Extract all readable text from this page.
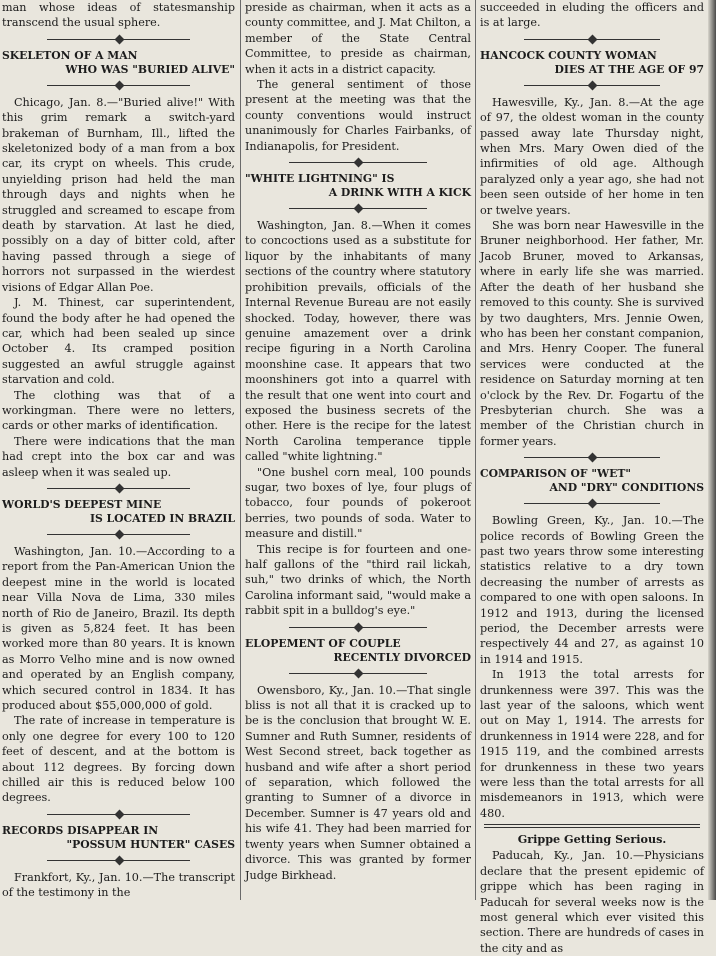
man whose ideas of statesmanship transcend the usual sphere.

SKELETON OF A MAN
WHO WAS "BURIED ALIVE"

Chicago, Jan. 8.—"Buried alive!" With this grim remark a switch-yard brakeman of Burnham, Ill., lifted the skeletonized body of a man from a box car, its crypt on wheels. This crude, unyielding prison had held the man through days and nights when he struggled and screamed to escape from death by starvation. At last he died, possibly on a day of bitter cold, after having passed through a siege of horrors not surpassed in the wierdest visions of Edgar Allan Poe.

J. M. Thinest, car superintendent, found the body after he had opened the car, which had been sealed up since October 4. Its cramped position suggested an awful struggle against starvation and cold.

The clothing was that of a workingman. There were no letters, cards or other marks of identification.

There were indications that the man had crept into the box car and was asleep when it was sealed up.

WORLD'S DEEPEST MINE
IS LOCATED IN BRAZIL

Washington, Jan. 10.—According to a report from the Pan-American Union the deepest mine in the world is located near Villa Nova de Lima, 330 miles north of Rio de Janeiro, Brazil. Its depth is given as 5,824 feet. It has been worked more than 80 years. It is known as Morro Velho mine and is now owned and operated by an English company, which secured control in 1834. It has produced about $55,000,000 of gold.

The rate of increase in temperature is only one degree for every 100 to 120 feet of descent, and at the bottom is about 112 degrees. By forcing down chilled air this is reduced below 100 degrees.

RECORDS DISAPPEAR IN
"POSSUM HUNTER" CASES

Frankfort, Ky., Jan. 10.—The transcript of the testimony in the

preside as chairman, when it acts as a county committee, and J. Mat Chilton, a member of the State Central Committee, to preside as chairman, when it acts in a district capacity.

The general sentiment of those present at the meeting was that the county conventions would instruct unanimously for Charles Fairbanks, of Indianapolis, for President.

"WHITE LIGHTNING" IS
A DRINK WITH A KICK

Washington, Jan. 8.—When it comes to concoctions used as a substitute for liquor by the inhabitants of many sections of the country where statutory prohibition prevails, officials of the Internal Revenue Bureau are not easily shocked. Today, however, there was genuine amazement over a drink recipe figuring in a North Carolina moonshine case. It appears that two moonshiners got into a quarrel with the result that one went into court and exposed the business secrets of the other. Here is the recipe for the latest North Carolina temperance tipple called "white lightning."

"One bushel corn meal, 100 pounds sugar, two boxes of lye, four plugs of tobacco, four pounds of pokeroot berries, two pounds of soda. Water to measure and distill."

This recipe is for fourteen and one-half gallons of the "third rail lickah, suh," two drinks of which, the North Carolina informant said, "would make a rabbit spit in a bulldog's eye."

ELOPEMENT OF COUPLE
RECENTLY DIVORCED

Owensboro, Ky., Jan. 10.—That single bliss is not all that it is cracked up to be is the conclusion that brought W. E. Sumner and Ruth Sumner, residents of West Second street, back together as husband and wife after a short period of separation, which followed the granting to Sumner of a divorce in December. Sumner is 47 years old and his wife 41. They had been married for twenty years when Sumner obtained a divorce. This was granted by former Judge Birkhead.

succeeded in eluding the officers and is at large.

HANCOCK COUNTY WOMAN
DIES AT THE AGE OF 97

Hawesville, Ky., Jan. 8.—At the age of 97, the oldest woman in the county passed away late Thursday night, when Mrs. Mary Owen died of the infirmities of old age. Although paralyzed only a year ago, she had not been seen outside of her home in ten or twelve years.

She was born near Hawesville in the Bruner neighborhood. Her father, Mr. Jacob Bruner, moved to Arkansas, where in early life she was married. After the death of her husband she removed to this county. She is survived by two daughters, Mrs. Jennie Owen, who has been her constant companion, and Mrs. Henry Cooper. The funeral services were conducted at the residence on Saturday morning at ten o'clock by the Rev. Dr. Fogartu of the Presbyterian church. She was a member of the Christian church in former years.

COMPARISON OF "WET"
AND "DRY" CONDITIONS

Bowling Green, Ky., Jan. 10.—The police records of Bowling Green the past two years throw some interesting statistics relative to a dry town decreasing the number of arrests as compared to one with open saloons. In 1912 and 1913, during the licensed period, the December arrests were respectively 44 and 27, as against 10 in 1914 and 1915.

In 1913 the total arrests for drunkenness were 397. This was the last year of the saloons, which went out on May 1, 1914. The arrests for drunkenness in 1914 were 228, and for 1915 119, and the combined arrests for drunkenness in these two years were less than the total arrests for all misdemeanors in 1913, which were 480.

Grippe Getting Serious.

Paducah, Ky., Jan. 10.—Physicians declare that the present epidemic of grippe which has been raging in Paducah for several weeks now is the most general which ever visited this section. There are hundreds of cases in the city and as
